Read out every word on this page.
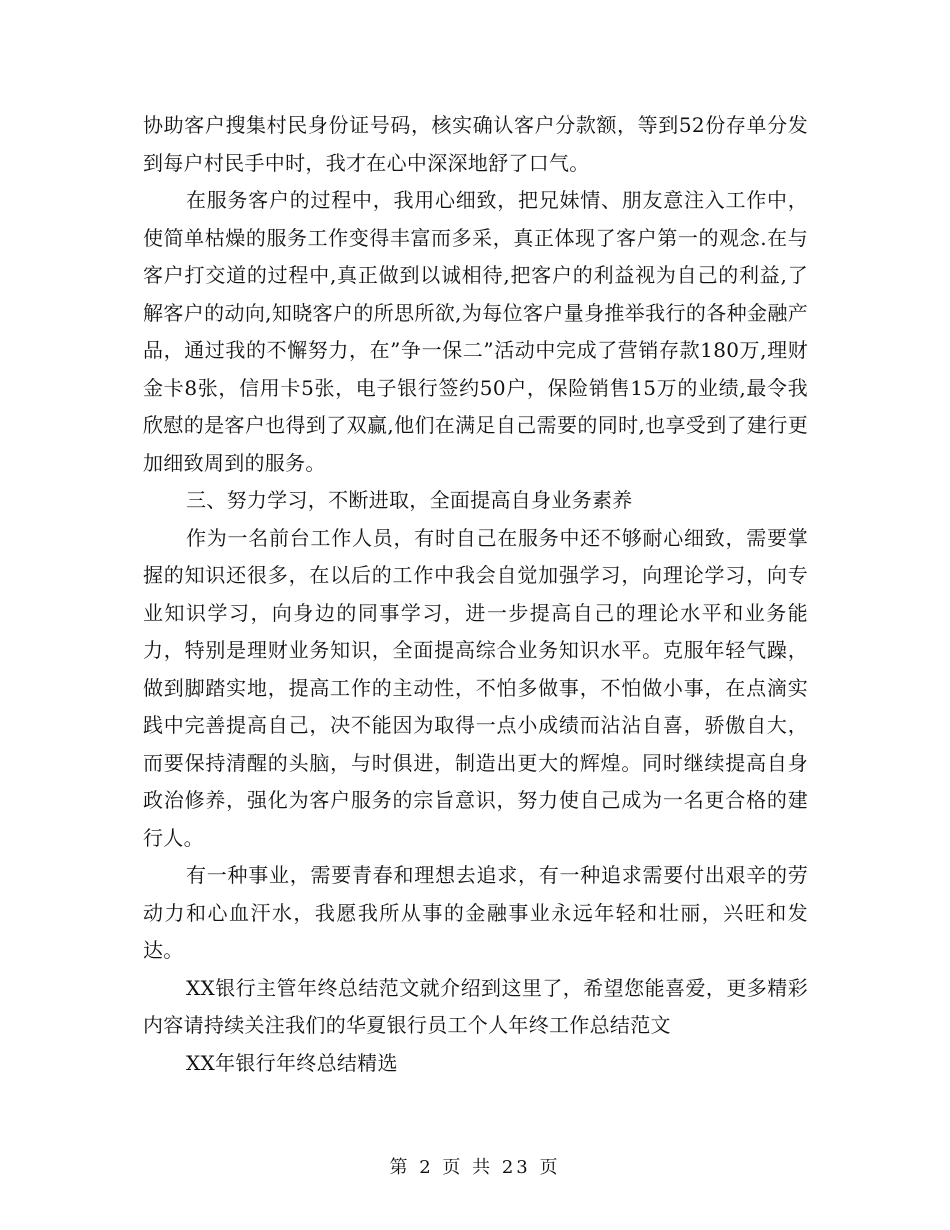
协助客户搜集村民身份证号码，核实确认客户分款额，等到52份存单分发到每户村民手中时，我才在心中深深地舒了口气。

在服务客户的过程中，我用心细致，把兄妹情、朋友意注入工作中，使简单枯燥的服务工作变得丰富而多采，真正体现了客户第一的观念.在与客户打交道的过程中,真正做到以诚相待,把客户的利益视为自己的利益,了解客户的动向,知晓客户的所思所欲,为每位客户量身推举我行的各种金融产品，通过我的不懈努力，在”争一保二”活动中完成了营销存款180万,理财金卡8张，信用卡5张，电子银行签约50户，保险销售15万的业绩,最令我欣慰的是客户也得到了双赢,他们在满足自己需要的同时,也享受到了建行更加细致周到的服务。

三、努力学习，不断进取，全面提高自身业务素养

作为一名前台工作人员，有时自己在服务中还不够耐心细致，需要掌握的知识还很多，在以后的工作中我会自觉加强学习，向理论学习，向专业知识学习，向身边的同事学习，进一步提高自己的理论水平和业务能力，特别是理财业务知识，全面提高综合业务知识水平。克服年轻气躁，做到脚踏实地，提高工作的主动性，不怕多做事，不怕做小事，在点滴实践中完善提高自己，决不能因为取得一点小成绩而沾沾自喜，骄傲自大，而要保持清醒的头脑，与时俱进，制造出更大的辉煌。同时继续提高自身政治修养，强化为客户服务的宗旨意识，努力使自己成为一名更合格的建行人。

有一种事业，需要青春和理想去追求，有一种追求需要付出艰辛的劳动力和心血汗水，我愿我所从事的金融事业永远年轻和壮丽，兴旺和发达。

XX银行主管年终总结范文就介绍到这里了，希望您能喜爱，更多精彩内容请持续关注我们的华夏银行员工个人年终工作总结范文

XX年银行年终总结精选

第 2 页 共 23 页
